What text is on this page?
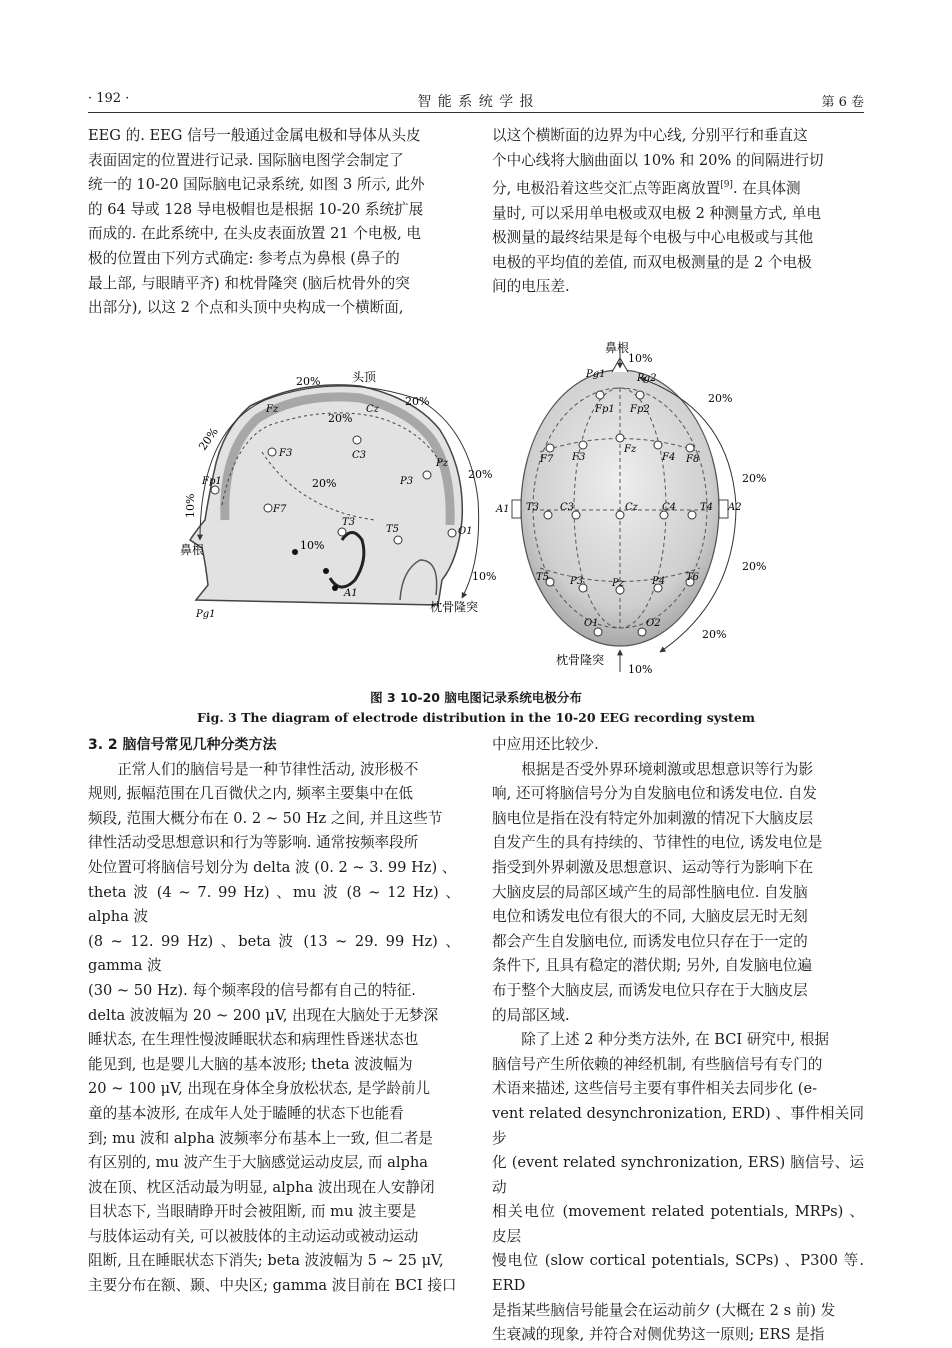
· 192 ·	智 能 系 统 学 报	第 6 卷

EEG 的. EEG 信号一般通过金属电极和导体从头皮

表面固定的位置进行记录. 国际脑电图学会制定了

统一的 10-20 国际脑电记录系统, 如图 3 所示, 此外

的 64 导或 128 导电极帽也是根据 10-20 系统扩展

而成的. 在此系统中, 在头皮表面放置 21 个电极, 电

极的位置由下列方式确定: 参考点为鼻根 (鼻子的

最上部, 与眼睛平齐) 和枕骨隆突 (脑后枕骨外的突

出部分), 以这 2 个点和头顶中央构成一个横断面,

以这个横断面的边界为中心线, 分别平行和垂直这

个中心线将大脑曲面以 10% 和 20% 的间隔进行切

分, 电极沿着这些交汇点等距离放置[9]. 在具体测

量时, 可以采用单电极或双电极 2 种测量方式, 单电

极测量的最终结果是每个电极与中心电极或与其他

电极的平均值的差值, 而双电极测量的是 2 个电极

间的电压差.

头顶
鼻根
枕骨隆突
20%
20%
20%
20%
20%
10%
10%
10%
20%
Fz	Cz
Fp1
F3	C3
P3
Pz
F7
T3
T5	O1
A1
Pg1
鼻根
枕骨隆突
10%
20%
20%
20%
20%
10%
Pg1	Pg2
Fp1 Fp2
F7 F3
Fz
F4 F8
A1 T3 C3	Cz C4 T4 A2
T5 P3	Pz	P4 T6
O1	O2
图 3 10-20 脑电图记录系统电极分布
Fig. 3 The diagram of electrode distribution in the 10-20 EEG recording system

3. 2 脑信号常见几种分类方法

正常人们的脑信号是一种节律性活动, 波形极不

规则, 振幅范围在几百微伏之内, 频率主要集中在低

频段, 范围大概分布在 0. 2 ~ 50 Hz 之间, 并且这些节

律性活动受思想意识和行为等影响. 通常按频率段所

处位置可将脑信号划分为 delta 波 (0. 2 ~ 3. 99 Hz) 、

theta 波 (4 ~ 7. 99 Hz) 、mu 波 (8 ~ 12 Hz) 、alpha 波

(8 ~ 12. 99 Hz) 、beta 波 (13 ~ 29. 99 Hz) 、gamma 波

(30 ~ 50 Hz). 每个频率段的信号都有自己的特征.

delta 波波幅为 20 ~ 200 μV, 出现在大脑处于无梦深

睡状态, 在生理性慢波睡眠状态和病理性昏迷状态也

能见到, 也是婴儿大脑的基本波形; theta 波波幅为

20 ~ 100 μV, 出现在身体全身放松状态, 是学龄前儿

童的基本波形, 在成年人处于瞌睡的状态下也能看

到; mu 波和 alpha 波频率分布基本上一致, 但二者是

有区别的, mu 波产生于大脑感觉运动皮层, 而 alpha

波在顶、枕区活动最为明显, alpha 波出现在人安静闭

目状态下, 当眼睛睁开时会被阻断, 而 mu 波主要是

与肢体运动有关, 可以被肢体的主动运动或被动运动

阻断, 且在睡眠状态下消失; beta 波波幅为 5 ~ 25 μV,

主要分布在额、颞、中央区; gamma 波目前在 BCI 接口

中应用还比较少.

根据是否受外界环境刺激或思想意识等行为影

响, 还可将脑信号分为自发脑电位和诱发电位. 自发

脑电位是指在没有特定外加刺激的情况下大脑皮层

自发产生的具有持续的、节律性的电位, 诱发电位是

指受到外界刺激及思想意识、运动等行为影响下在

大脑皮层的局部区域产生的局部性脑电位. 自发脑

电位和诱发电位有很大的不同, 大脑皮层无时无刻

都会产生自发脑电位, 而诱发电位只存在于一定的

条件下, 且具有稳定的潜伏期; 另外, 自发脑电位遍

布于整个大脑皮层, 而诱发电位只存在于大脑皮层

的局部区域.

除了上述 2 种分类方法外, 在 BCI 研究中, 根据

脑信号产生所依赖的神经机制, 有些脑信号有专门的

术语来描述, 这些信号主要有事件相关去同步化 (e-

vent related desynchronization, ERD) 、事件相关同步

化 (event related synchronization, ERS) 脑信号、运动

相关电位 (movement related potentials, MRPs) 、皮层

慢电位 (slow cortical potentials, SCPs) 、P300 等. ERD

是指某些脑信号能量会在运动前夕 (大概在 2 s 前) 发

生衰减的现象, 并符合对侧优势这一原则; ERS 是指
